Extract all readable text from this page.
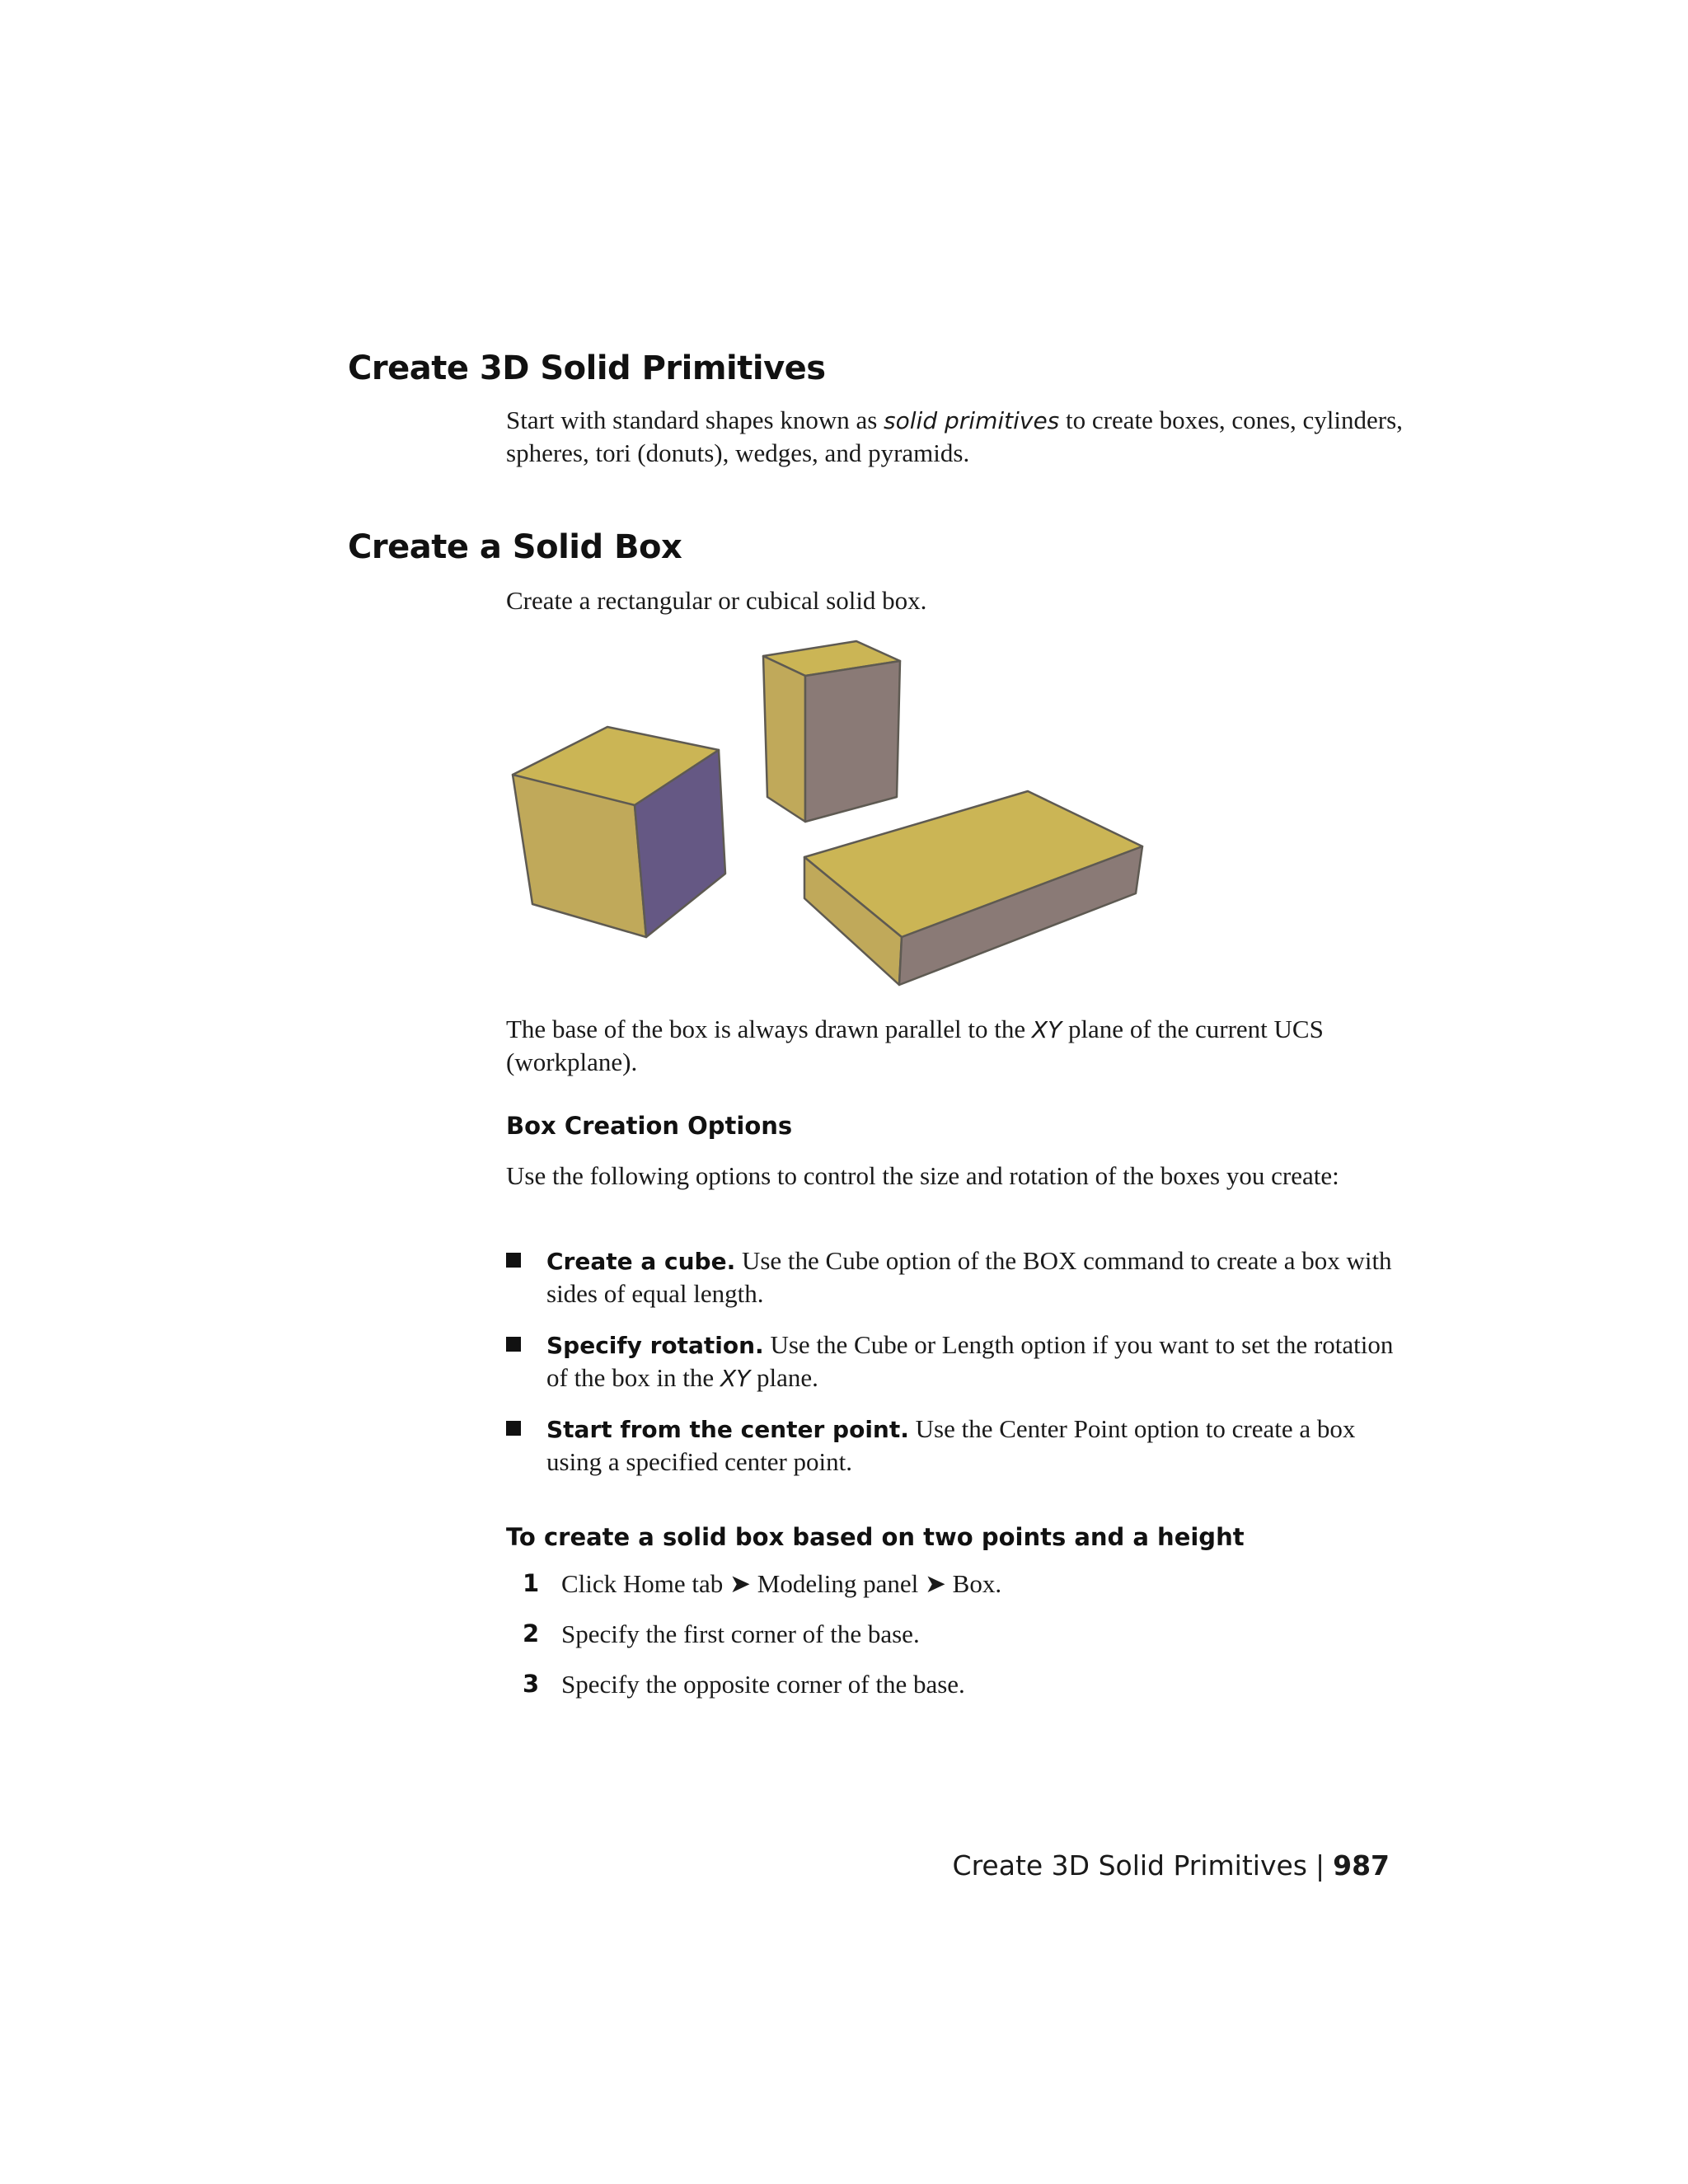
Create 3D Solid Primitives

Start with standard shapes known as solid primitives to create boxes, cones, cylinders, spheres, tori (donuts), wedges, and pyramids.

Create a Solid Box

Create a rectangular or cubical solid box.

The base of the box is always drawn parallel to the XY plane of the current UCS (workplane).

Box Creation Options

Use the following options to control the size and rotation of the boxes you create:

Create a cube. Use the Cube option of the BOX command to create a box with sides of equal length.

Specify rotation. Use the Cube or Length option if you want to set the rotation of the box in the XY plane.

Start from the center point. Use the Center Point option to create a box using a specified center point.

To create a solid box based on two points and a height
1 Click Home tab ➤ Modeling panel ➤ Box.

2 Specify the first corner of the base.

3 Specify the opposite corner of the base.

Create 3D Solid Primitives | 987
